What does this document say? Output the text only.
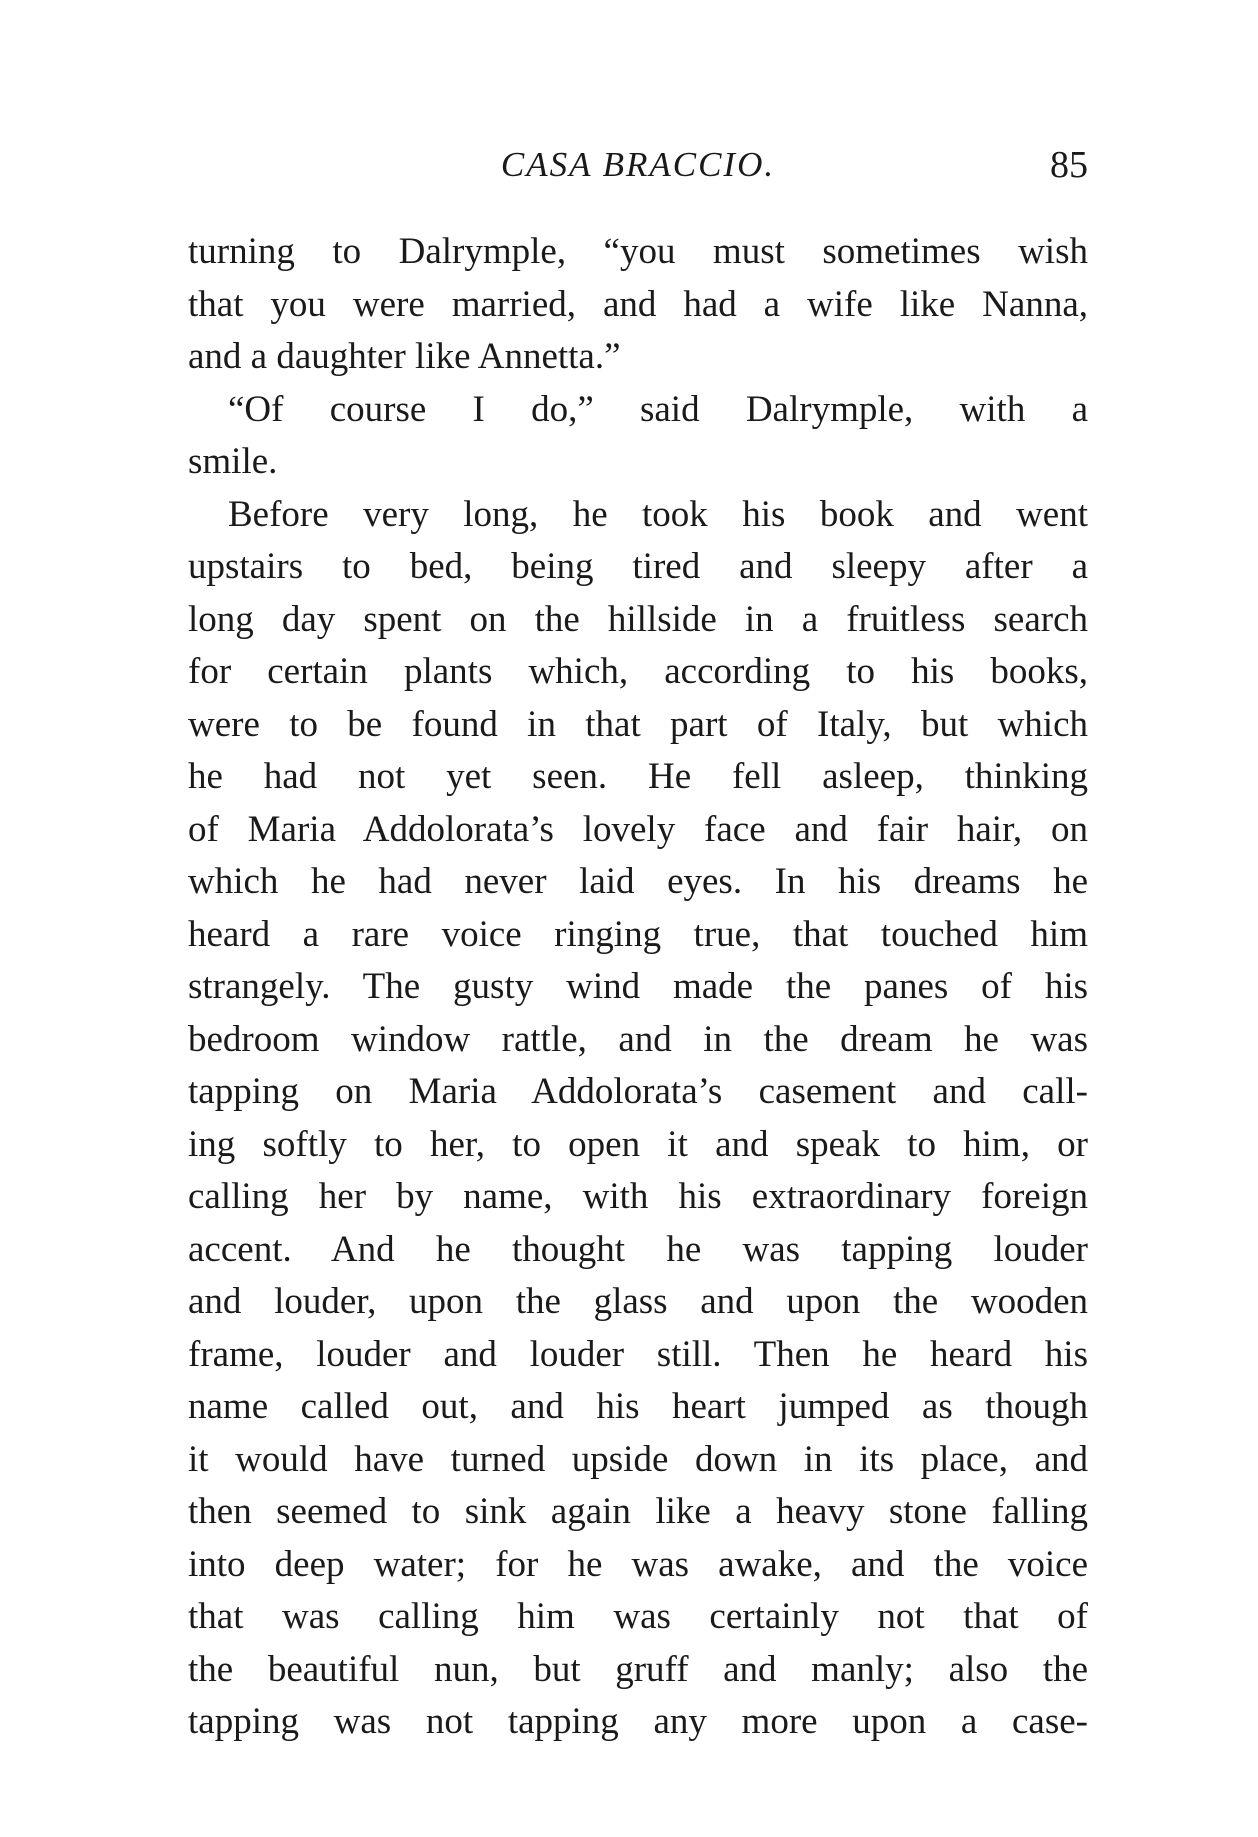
CASA BRACCIO.	85
turning to Dalrymple, “you must sometimes wish
that you were married, and had a wife like Nanna,
and a daughter like Annetta.”
“Of course I do,” said Dalrymple, with a
smile.
Before very long, he took his book and went
upstairs to bed, being tired and sleepy after a
long day spent on the hillside in a fruitless search
for certain plants which, according to his books,
were to be found in that part of Italy, but which
he had not yet seen. He fell asleep, thinking
of Maria Addolorata’s lovely face and fair hair, on
which he had never laid eyes. In his dreams he
heard a rare voice ringing true, that touched him
strangely. The gusty wind made the panes of his
bedroom window rattle, and in the dream he was
tapping on Maria Addolorata’s casement and call-
ing softly to her, to open it and speak to him, or
calling her by name, with his extraordinary foreign
accent. And he thought he was tapping louder
and louder, upon the glass and upon the wooden
frame, louder and louder still. Then he heard his
name called out, and his heart jumped as though
it would have turned upside down in its place, and
then seemed to sink again like a heavy stone falling
into deep water; for he was awake, and the voice
that was calling him was certainly not that of
the beautiful nun, but gruff and manly; also the
tapping was not tapping any more upon a case-
